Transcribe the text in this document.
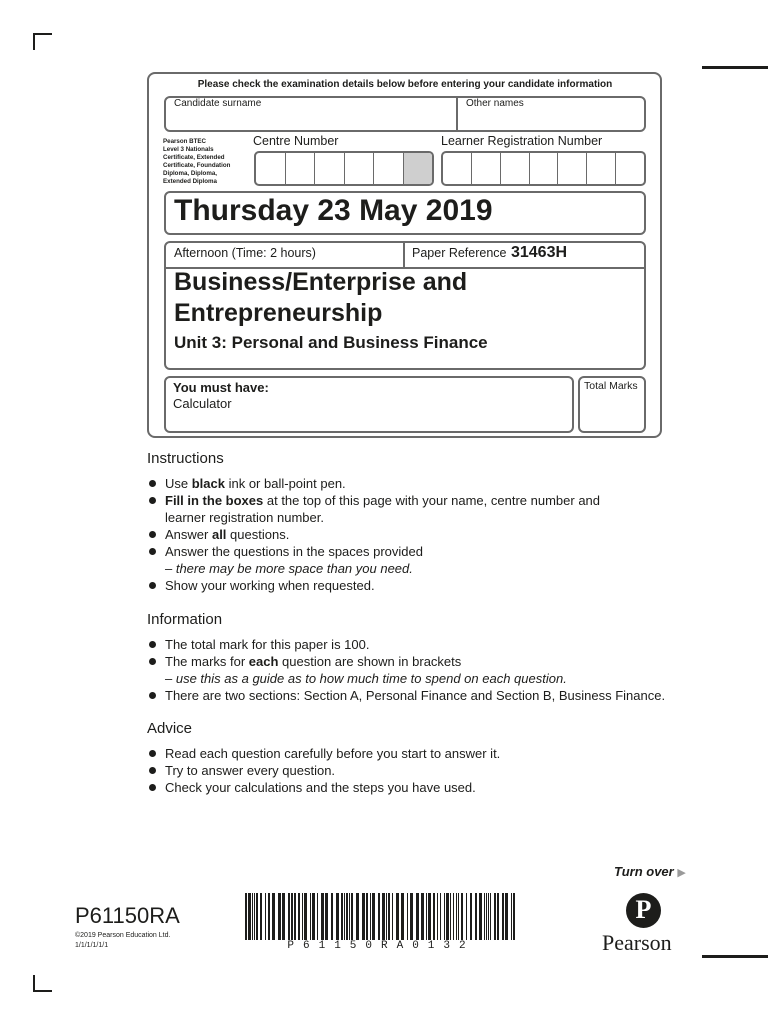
Please check the examination details below before entering your candidate information
Candidate surname	Other names
Pearson BTEC
Level 3 Nationals
Certificate, Extended
Certificate, Foundation
Diploma, Diploma,
Extended Diploma
Centre Number	Learner Registration Number
Thursday 23 May 2019
Afternoon (Time: 2 hours)	Paper Reference 31463H
Business/Enterprise and
Entrepreneurship
Unit 3: Personal and Business Finance
You must have:
Calculator
Total Marks
Instructions
Use black ink or ball-point pen.
Fill in the boxes at the top of this page with your name, centre number and learner registration number.
Answer all questions.
Answer the questions in the spaces provided
– there may be more space than you need.
Show your working when requested.
Information
The total mark for this paper is 100.
The marks for each question are shown in brackets
– use this as a guide as to how much time to spend on each question.
There are two sections: Section A, Personal Finance and Section B, Business Finance.
Advice
Read each question carefully before you start to answer it.
Try to answer every question.
Check your calculations and the steps you have used.
Turn over ▶
P61150RA
©2019 Pearson Education Ltd.
1/1/1/1/1/1	P61150RA0132
P
Pearson
